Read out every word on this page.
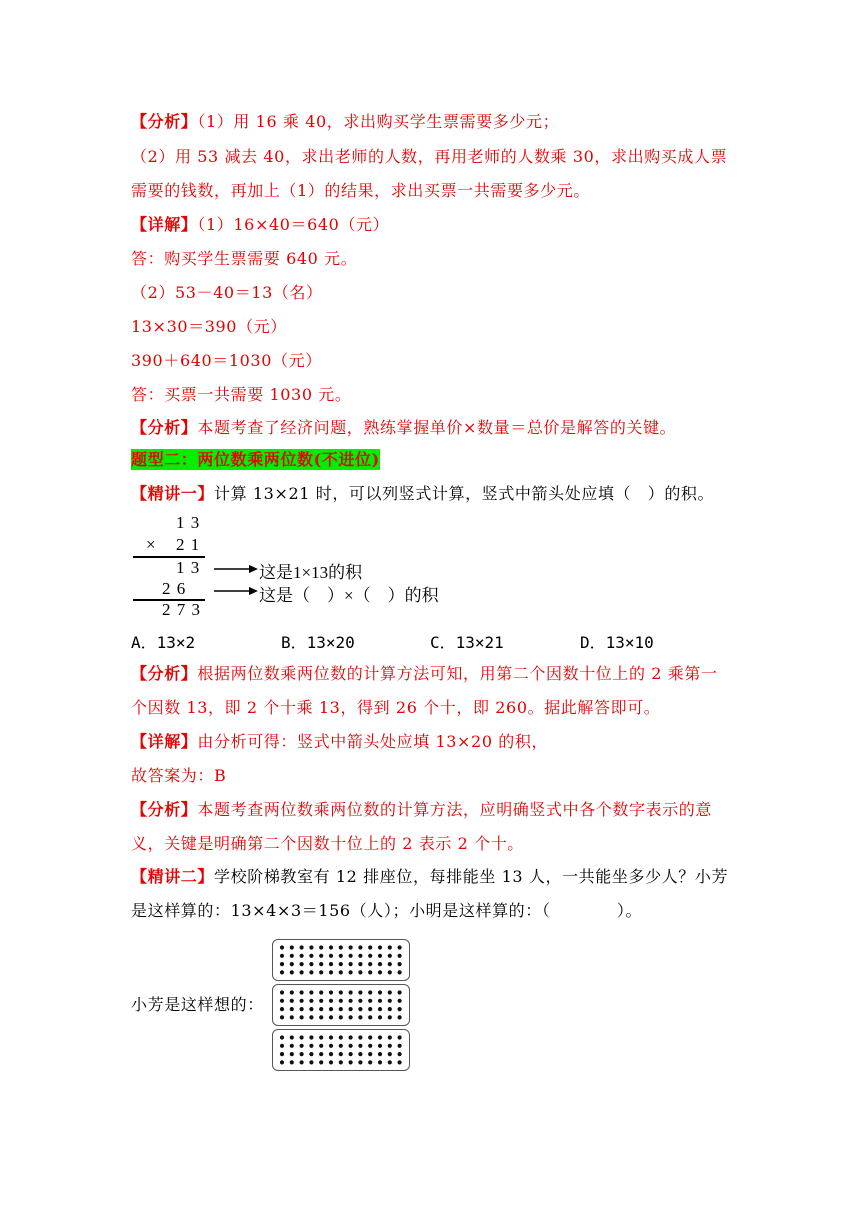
【分析】（1）用 16 乘 40，求出购买学生票需要多少元；
（2）用 53 减去 40，求出老师的人数，再用老师的人数乘 30，求出购买成人票
需要的钱数，再加上（1）的结果，求出买票一共需要多少元。
【详解】（1）16×40＝640（元）
答：购买学生票需要 640 元。
（2）53－40＝13（名）
13×30＝390（元）
390＋640＝1030（元）
答：买票一共需要 1030 元。
【分析】本题考查了经济问题，熟练掌握单价×数量＝总价是解答的关键。
题型二：两位数乘两位数(不进位)
【精讲一】计算 13×21 时，可以列竖式计算，竖式中箭头处应填（　）的积。
1 3
× 2 1
1 3
2 6
2 7 3
这是1×13的积
这是（　）×（　）的积
A．13×2	B．13×20	C．13×21	D．13×10
【分析】根据两位数乘两位数的计算方法可知，用第二个因数十位上的 2 乘第一
个因数 13，即 2 个十乘 13，得到 26 个十，即 260。据此解答即可。
【详解】由分析可得：竖式中箭头处应填 13×20 的积，
故答案为：B
【分析】本题考查两位数乘两位数的计算方法，应明确竖式中各个数字表示的意
义，关键是明确第二个因数十位上的 2 表示 2 个十。
【精讲二】学校阶梯教室有 12 排座位，每排能坐 13 人，一共能坐多少人？小芳
是这样算的：13×4×3＝156（人）；小明是这样算的：（　　　　）。
小芳是这样想的：
